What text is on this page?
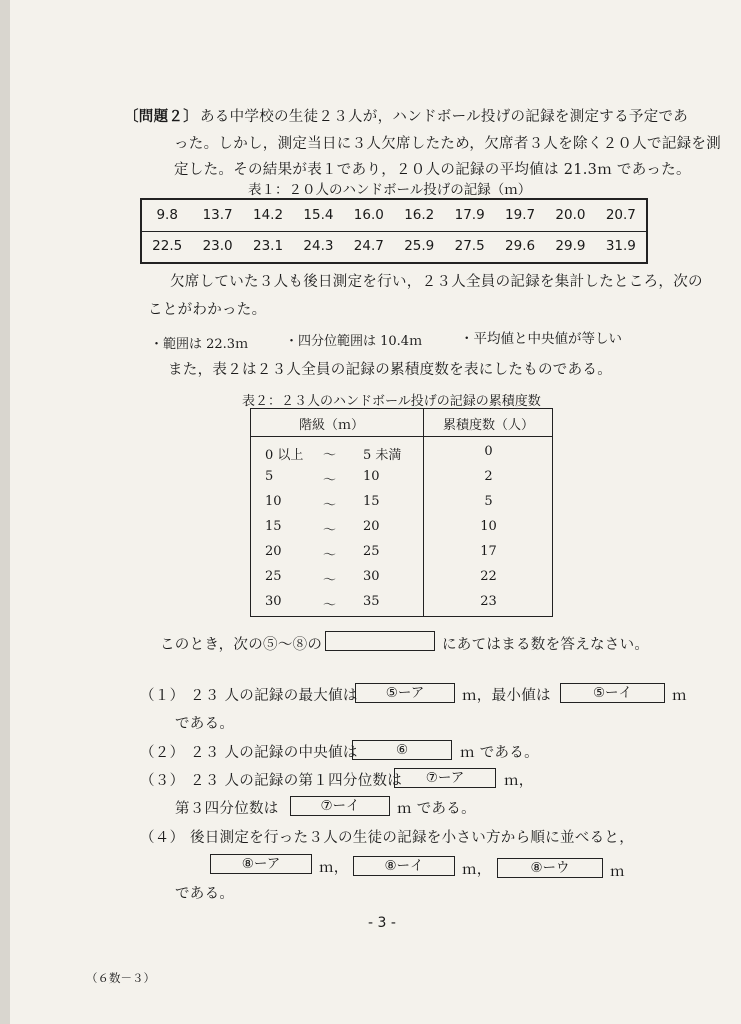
〔問題２〕 ある中学校の生徒２３人が，ハンドボール投げの記録を測定する予定であ
った。しかし，測定当日に３人欠席したため，欠席者３人を除く２０人で記録を測
定した。その結果が表１であり，２０人の記録の平均値は 21.3ｍ であった。
表１：２０人のハンドボール投げの記録（ｍ）
9.8	13.7	14.2	15.4	16.0	16.2	17.9	19.7	20.0	20.7
22.5	23.0	23.1	24.3	24.7	25.9	27.5	29.6	29.9	31.9
欠席していた３人も後日測定を行い，２３人全員の記録を集計したところ，次の
ことがわかった。
・範囲は 22.3ｍ	・四分位範囲は 10.4ｍ	・平均値と中央値が等しい
また，表２は２３人全員の記録の累積度数を表にしたものである。
表２：２３人のハンドボール投げの記録の累積度数
階級（ｍ）	累積度数（人）
0 以上 ～ 5 未満	0
5	～ 10	2
10	～ 15	5
15	～ 20	10
20	～ 25	17
25	～ 30	22
30	～ 35	23
このとき，次の⑤～⑧の	にあてはまる数を答えなさい。
（１） ２３ 人の記録の最大値は	⑤ーア	ｍ，最小値は	⑤ーイ	ｍ
である。
（２） ２３ 人の記録の中央値は	⑥	ｍ である。
（３） ２３ 人の記録の第１四分位数は	⑦ーア	ｍ，
第３四分位数は	⑦ーイ	ｍ である。
（４） 後日測定を行った３人の生徒の記録を小さい方から順に並べると，
⑧ーア	ｍ，	⑧ーイ	ｍ，	⑧ーウ	ｍ
である。
- 3 -
（６数－３）
